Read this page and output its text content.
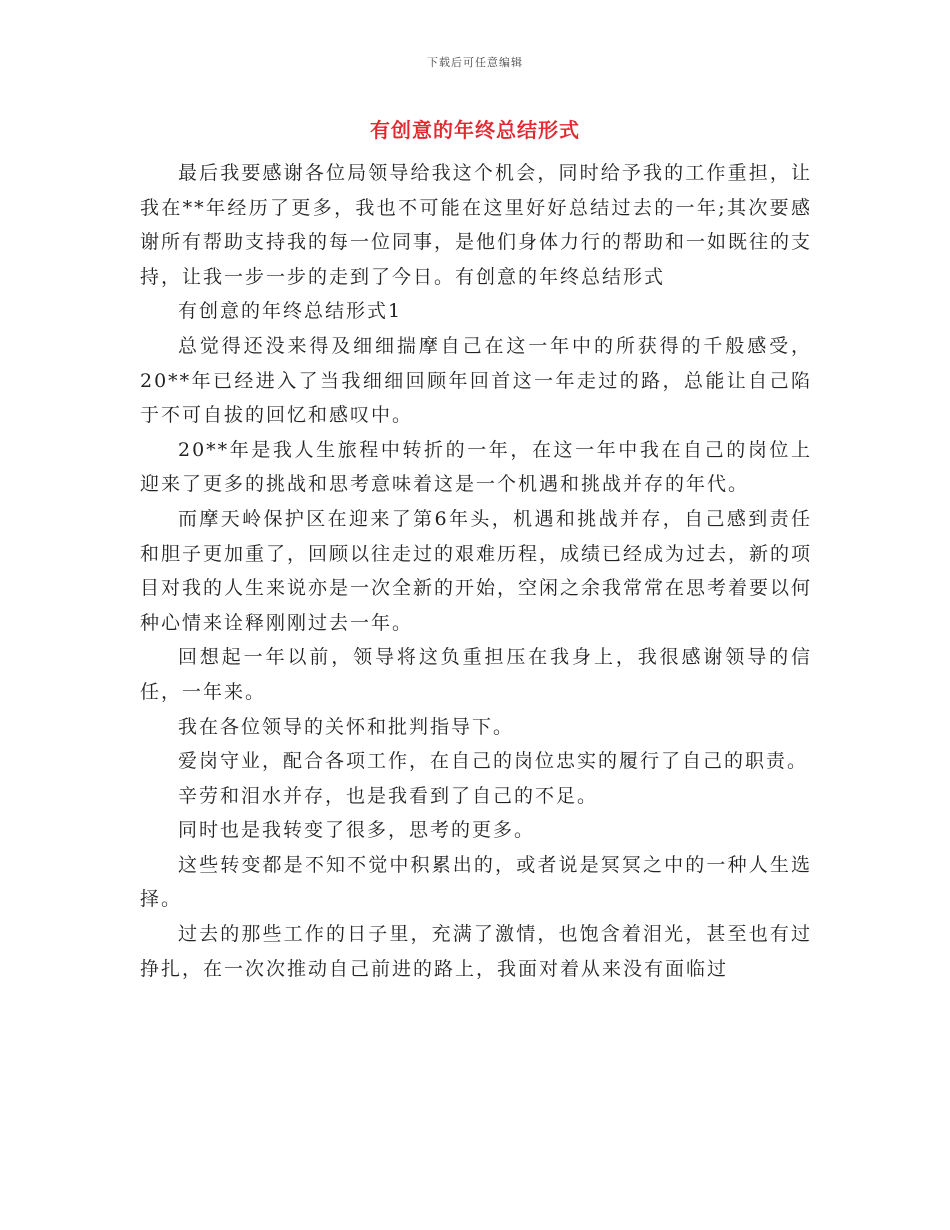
下载后可任意编辑
有创意的年终总结形式

最后我要感谢各位局领导给我这个机会，同时给予我的工作重担，让我在**年经历了更多，我也不可能在这里好好总结过去的一年;其次要感谢所有帮助支持我的每一位同事，是他们身体力行的帮助和一如既往的支持，让我一步一步的走到了今日。有创意的年终总结形式

有创意的年终总结形式1

总觉得还没来得及细细揣摩自己在这一年中的所获得的千般感受，20**年已经进入了当我细细回顾年回首这一年走过的路，总能让自己陷于不可自拔的回忆和感叹中。

20**年是我人生旅程中转折的一年，在这一年中我在自己的岗位上迎来了更多的挑战和思考意味着这是一个机遇和挑战并存的年代。

而摩天岭保护区在迎来了第6年头，机遇和挑战并存，自己感到责任和胆子更加重了，回顾以往走过的艰难历程，成绩已经成为过去，新的项目对我的人生来说亦是一次全新的开始，空闲之余我常常在思考着要以何种心情来诠释刚刚过去一年。

回想起一年以前，领导将这负重担压在我身上，我很感谢领导的信任，一年来。

我在各位领导的关怀和批判指导下。

爱岗守业，配合各项工作，在自己的岗位忠实的履行了自己的职责。

辛劳和泪水并存，也是我看到了自己的不足。

同时也是我转变了很多，思考的更多。

这些转变都是不知不觉中积累出的，或者说是冥冥之中的一种人生选择。

过去的那些工作的日子里，充满了激情，也饱含着泪光，甚至也有过挣扎，在一次次推动自己前进的路上，我面对着从来没有面临过
